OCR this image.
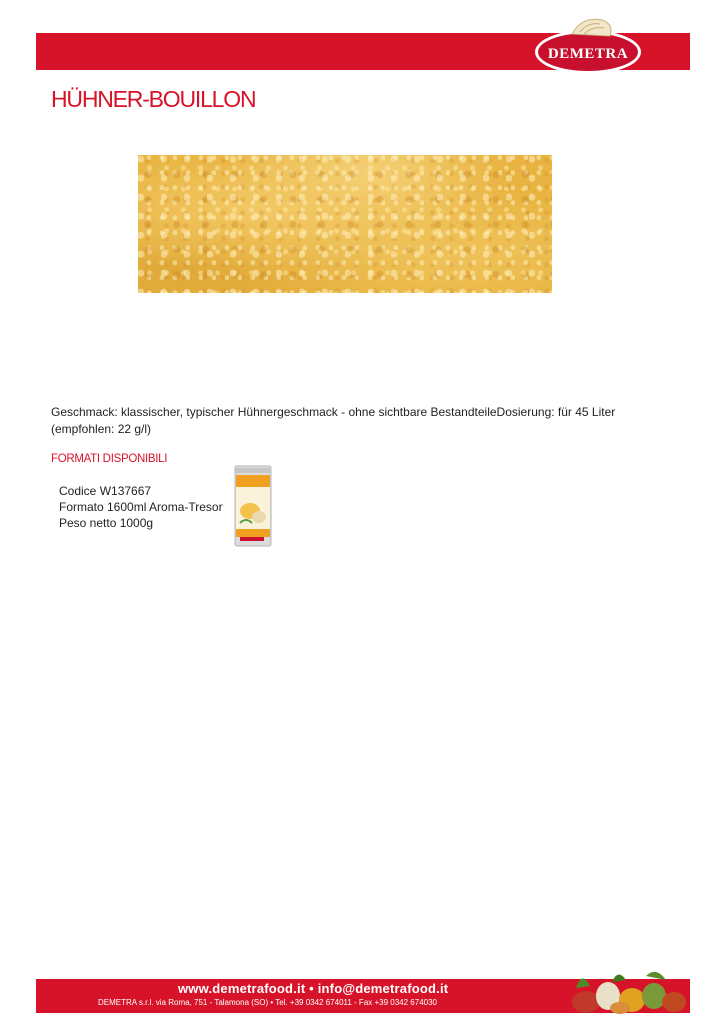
DEMETRA
HÜHNER-BOUILLON

Geschmack: klassischer, typischer Hühnergeschmack - ohne sichtbare BestandteileDosierung: für 45 Liter (empfohlen: 22 g/l)

FORMATI DISPONIBILI
Codice W137667
Formato 1600ml Aroma-Tresor
Peso netto 1000g
www.demetrafood.it • info@demetrafood.it
DEMETRA s.r.l. via Roma, 751 - Talamona (SO) • Tel. +39 0342 674011 - Fax +39 0342 674030
